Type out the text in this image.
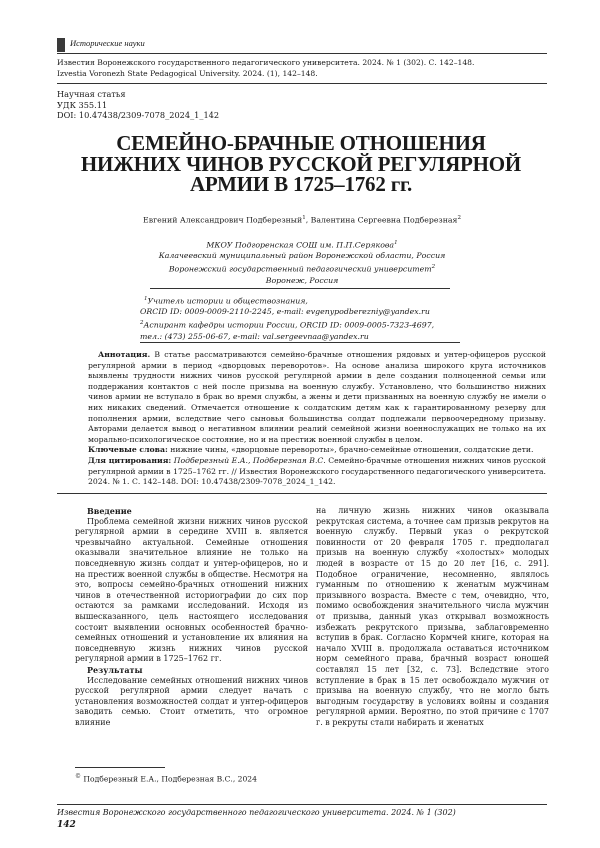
Исторические науки
Известия Воронежского государственного педагогического университета. 2024. № 1 (302). С. 142–148.
Izvestia Voronezh State Pedagogical University. 2024. (1), 142–148.
Научная статья
УДК 355.11
DOI: 10.47438/2309-7078_2024_1_142
СЕМЕЙНО-БРАЧНЫЕ ОТНОШЕНИЯ
НИЖНИХ ЧИНОВ РУССКОЙ РЕГУЛЯРНОЙ
АРМИИ В 1725–1762 гг.
Евгений Александрович Подберезный1, Валентина Сергеевна Подберезная2
МКОУ Подгоренская СОШ им. П.П.Серякова1
Калачеевский муниципальный район Воронежской области, Россия
Воронежский государственный педагогический университет2
Воронеж, Россия
1Учитель истории и обществознания,
ORCID ID: 0009-0009-2110-2245, e-mail: evgenypodberezniy@yandex.ru
2Аспирант кафедры истории России, ORCID ID: 0009-0005-7323-4697,
тел.: (473) 255-06-67, e-mail: val.sergeevnaa@yandex.ru

Аннотация. В статье рассматриваются семейно-брачные отношения рядовых и унтер-офицеров русской регулярной армии в период «дворцовых переворотов». На основе анализа широкого круга источников выявлены трудности нижних чинов русской регулярной армии в деле создания полноценной семьи или поддержания контактов с ней после призыва на военную службу. Установлено, что большинство нижних чинов армии не вступало в брак во время службы, а жены и дети призванных на военную службу не имели о них никаких сведений. Отмечается отношение к солдатским детям как к гарантированному резерву для пополнения армии, вследствие чего сыновья большинства солдат подлежали первоочередному призыву. Авторами делается вывод о негативном влиянии реалий семейной жизни военнослужащих не только на их морально-психологическое состояние, но и на престиж военной службы в целом.

Ключевые слова: нижние чины, «дворцовые перевороты», брачно-семейные отношения, солдатские дети.

Для цитирования: Подберезный Е.А., Подберезная В.С. Семейно-брачные отношения нижних чинов русской регулярной армии в 1725–1762 гг. // Известия Воронежского государственного педагогического университета. 2024. № 1. С. 142–148. DOI: 10.47438/2309-7078_2024_1_142.

Введение

Проблема семейной жизни нижних чинов русской регулярной армии в середине XVIII в. является чрезвычайно актуальной. Семейные отношения оказывали значительное влияние не только на повседневную жизнь солдат и унтер-офицеров, но и на престиж военной службы в обществе. Несмотря на это, вопросы семейно-брачных отношений нижних чинов в отечественной историографии до сих пор остаются за рамками исследований. Исходя из вышесказанного, цель настоящего исследования состоит выявлении основных особенностей брачно-семейных отношений и установление их влияния на повседневную жизнь нижних чинов русской регулярной армии в 1725–1762 гг.

Результаты

Исследование семейных отношений нижних чинов русской регулярной армии следует начать с установления возможностей солдат и унтер-офицеров заводить семью. Стоит отметить, что огромное влияние

на личную жизнь нижних чинов оказывала рекрутская система, а точнее сам призыв рекрутов на военную службу. Первый указ о рекрутской повинности от 20 февраля 1705 г. предполагал призыв на военную службу «холостых» молодых людей в возрасте от 15 до 20 лет [16, с. 291]. Подобное ограничение, несомненно, являлось гуманным по отношению к женатым мужчинам призывного возраста. Вместе с тем, очевидно, что, помимо освобождения значительного числа мужчин от призыва, данный указ открывал возможность избежать рекрутского призыва, заблаговременно вступив в брак. Согласно Кормчей книге, которая на начало XVIII в. продолжала оставаться источником норм семейного права, брачный возраст юношей составлял 15 лет [32, с. 73]. Вследствие этого вступление в брак в 15 лет освобождало мужчин от призыва на военную службу, что не могло быть выгодным государству в условиях войны и создания регулярной армии. Вероятно, по этой причине с 1707 г. в рекруты стали набирать и женатых

© Подберезный Е.А., Подберезная В.С., 2024
Известия Воронежского государственного педагогического университета. 2024. № 1 (302)
142
